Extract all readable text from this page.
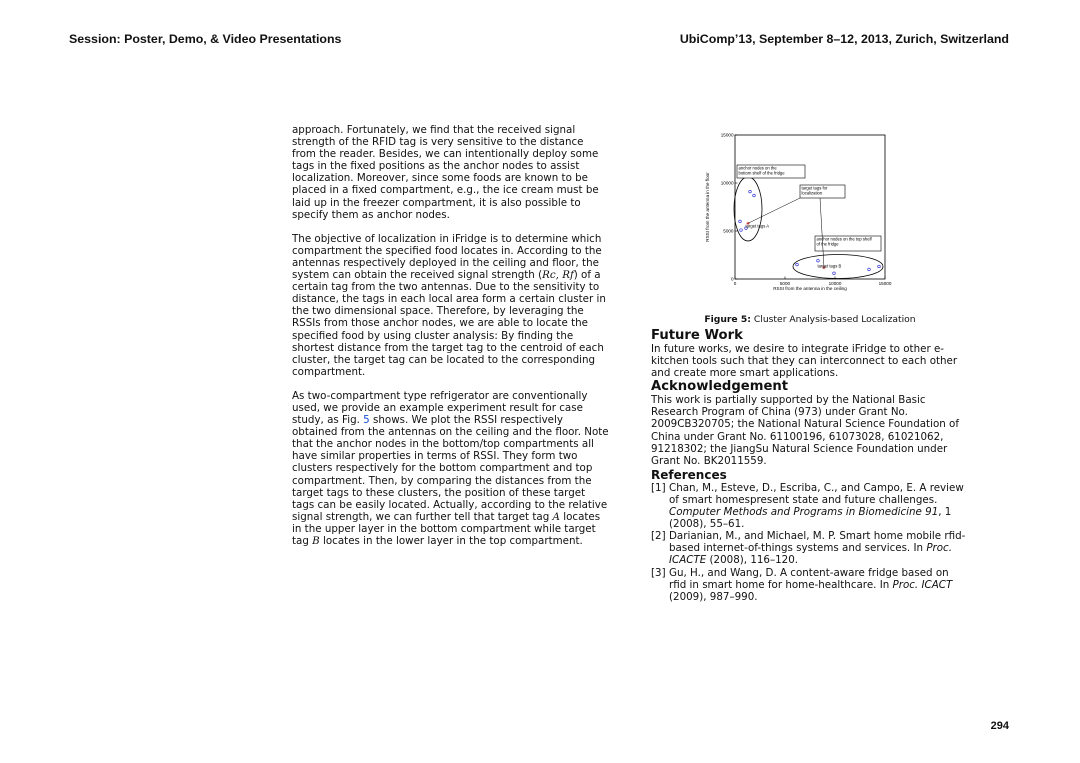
Session: Poster, Demo, & Video Presentations	UbiComp’13, September 8–12, 2013, Zurich, Switzerland

approach. Fortunately, we find that the received signal strength of the RFID tag is very sensitive to the distance from the reader. Besides, we can intentionally deploy some tags in the fixed positions as the anchor nodes to assist localization. Moreover, since some foods are known to be placed in a fixed compartment, e.g., the ice cream must be laid up in the freezer compartment, it is also possible to specify them as anchor nodes.

The objective of localization in iFridge is to determine which compartment the specified food locates in. According to the antennas respectively deployed in the ceiling and floor, the system can obtain the received signal strength (Rc, Rf) of a certain tag from the two antennas. Due to the sensitivity to distance, the tags in each local area form a certain cluster in the two dimensional space. Therefore, by leveraging the RSSIs from those anchor nodes, we are able to locate the specified food by using cluster analysis: By finding the shortest distance from the target tag to the centroid of each cluster, the target tag can be located to the corresponding compartment.

As two-compartment type refrigerator are conventionally used, we provide an example experiment result for case study, as Fig. 5 shows. We plot the RSSI respectively obtained from the antennas on the ceiling and the floor. Note that the anchor nodes in the bottom/top compartments all have similar properties in terms of RSSI. They form two clusters respectively for the bottom compartment and top compartment. Then, by comparing the distances from the target tags to these clusters, the position of these target tags can be easily located. Actually, according to the relative signal strength, we can further tell that target tag A locates in the upper layer in the bottom compartment while target tag B locates in the lower layer in the top compartment.

0
0
5000
5000
10000
10000
15000
15000
RSSI from the antenna in the ceiling
RSSI from the antenna in the floor
anchor nodes on the
bottom shelf of the fridge
target tags for
localization
target tags A
anchor nodes on the top shelf
of the fridge
target tags B
Figure 5: Cluster Analysis-based Localization
Future Work

In future works, we desire to integrate iFridge to other e-kitchen tools such that they can interconnect to each other and create more smart applications.

Acknowledgement

This work is partially supported by the National Basic Research Program of China (973) under Grant No. 2009CB320705; the National Natural Science Foundation of China under Grant No. 61100196, 61073028, 61021062, 91218302; the JiangSu Natural Science Foundation under Grant No. BK2011559.

References
[1] Chan, M., Esteve, D., Escriba, C., and Campo, E. A review of smart homespresent state and future challenges. Computer Methods and Programs in Biomedicine 91, 1 (2008), 55–61.
[2] Darianian, M., and Michael, M. P. Smart home mobile rfid-based internet-of-things systems and services. In Proc. ICACTE (2008), 116–120.
[3] Gu, H., and Wang, D. A content-aware fridge based on rfid in smart home for home-healthcare. In Proc. ICACT (2009), 987–990.
294
